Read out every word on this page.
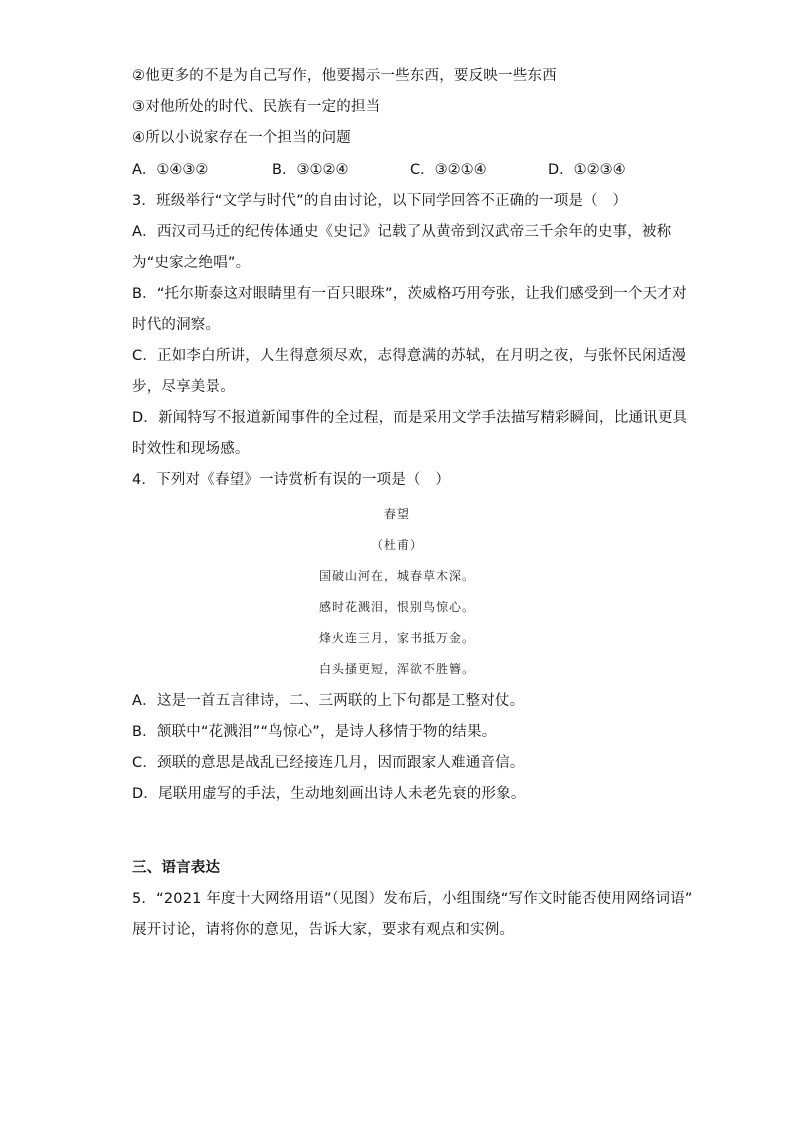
②他更多的不是为自己写作，他要揭示一些东西，要反映一些东西
③对他所处的时代、民族有一定的担当
④所以小说家存在一个担当的问题
A．①④③②	B．③①②④	C．③②①④	D．①②③④
3．班级举行“文学与时代”的自由讨论，以下同学回答不正确的一项是（　）
A．西汉司马迁的纪传体通史《史记》记载了从黄帝到汉武帝三千余年的史事，被称
为“史家之绝唱”。
B．“托尔斯泰这对眼睛里有一百只眼珠”，茨威格巧用夸张，让我们感受到一个天才对
时代的洞察。
C．正如李白所讲，人生得意须尽欢，志得意满的苏轼，在月明之夜，与张怀民闲适漫
步，尽享美景。
D．新闻特写不报道新闻事件的全过程，而是采用文学手法描写精彩瞬间，比通讯更具
时效性和现场感。
4．下列对《春望》一诗赏析有误的一项是（　）
春望
（杜甫）
国破山河在，城春草木深。
感时花溅泪，恨别鸟惊心。
烽火连三月，家书抵万金。
白头搔更短，浑欲不胜簪。
A．这是一首五言律诗，二、三两联的上下句都是工整对仗。
B．颔联中“花溅泪”“鸟惊心”，是诗人移情于物的结果。
C．颈联的意思是战乱已经接连几月，因而跟家人难通音信。
D．尾联用虚写的手法，生动地刻画出诗人未老先衰的形象。
三、语言表达
5．“2021 年度十大网络用语”（见图）发布后，小组围绕“写作文时能否使用网络词语”
展开讨论，请将你的意见，告诉大家，要求有观点和实例。
